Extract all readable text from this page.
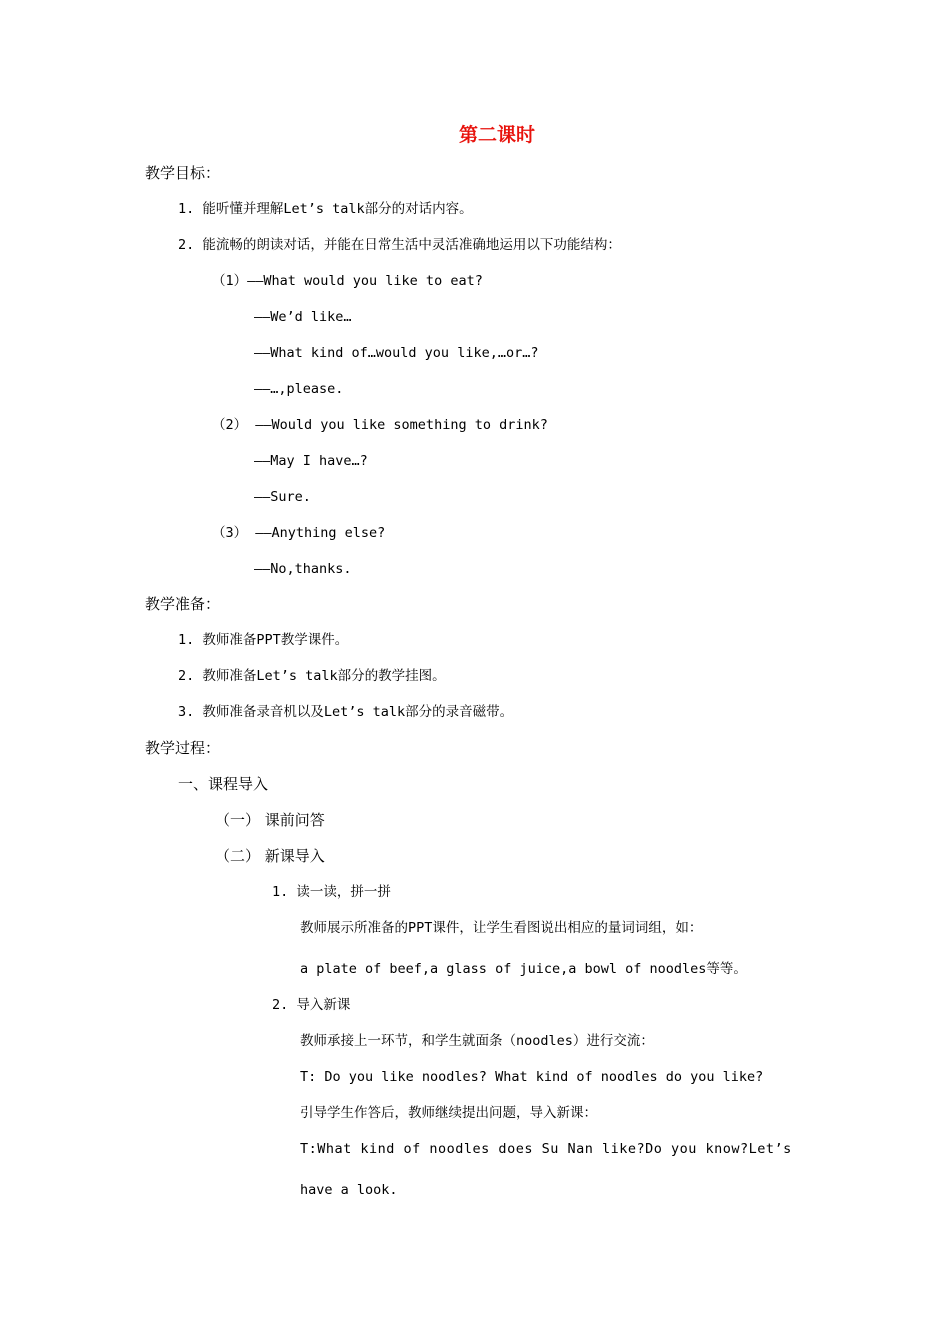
第二课时
教学目标：
1. 能听懂并理解Let’s talk部分的对话内容。
2. 能流畅的朗读对话，并能在日常生活中灵活准确地运用以下功能结构：
（1）——What would you like to eat?
——We’d like…
——What kind of…would you like,…or…?
——…,please.
（2） ——Would you like something to drink?
——May I have…?
——Sure.
（3） ——Anything else?
——No,thanks.
教学准备：
1. 教师准备PPT教学课件。
2. 教师准备Let’s talk部分的教学挂图。
3. 教师准备录音机以及Let’s talk部分的录音磁带。
教学过程：
一、课程导入
（一） 课前问答
（二） 新课导入
1. 读一读，拼一拼
教师展示所准备的PPT课件，让学生看图说出相应的量词词组，如：
a plate of beef,a glass of juice,a bowl of noodles等等。
2. 导入新课
教师承接上一环节，和学生就面条（noodles）进行交流：
T: Do you like noodles? What kind of noodles do you like?
引导学生作答后，教师继续提出问题，导入新课：
T:What kind of noodles does Su Nan like?Do you know?Let’s
have a look.
